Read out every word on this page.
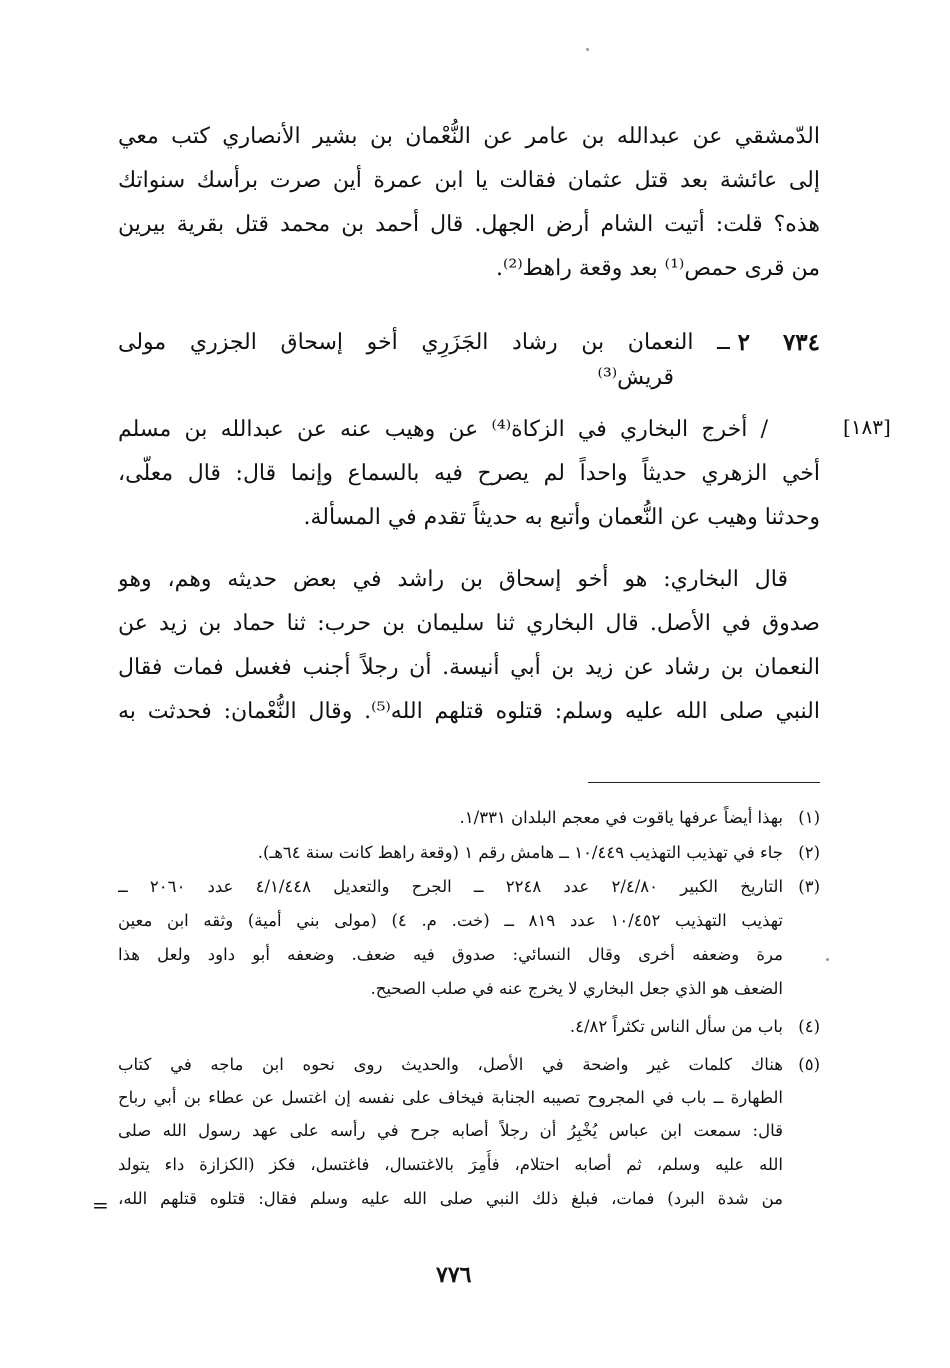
الدّمشقي عن عبدالله بن عامر عن النُّعْمان بن بشير الأنصاري كتب معي
إلى عائشة بعد قتل عثمان فقالت يا ابن عمرة أين صرت برأسك سنواتك
هذه؟ قلت: أتيت الشام أرض الجهل. قال أحمد بن محمد قتل بقرية بيرين
من قرى حمص⁽¹⁾ بعد وقعة راهط⁽²⁾.
٧٣٤
٢
ــ النعمان بن رشاد الجَزَرِي أخو إسحاق الجزري مولى
قريش⁽³⁾
[١٨٣]
/ أخرج البخاري في الزكاة⁽⁴⁾ عن وهيب عنه عن عبدالله بن مسلم
أخي الزهري حديثاً واحداً لم يصرح فيه بالسماع وإنما قال: قال معلّى،
وحدثنا وهيب عن النُّعمان وأتبع به حديثاً تقدم في المسألة.
قال البخاري: هو أخو إسحاق بن راشد في بعض حديثه وهم، وهو
صدوق في الأصل. قال البخاري ثنا سليمان بن حرب: ثنا حماد بن زيد عن
النعمان بن رشاد عن زيد بن أبي أنيسة. أن رجلاً أجنب فغسل فمات فقال
النبي صلى الله عليه وسلم: قتلوه قتلهم الله⁽⁵⁾. وقال النُّعْمان: فحدثت به
(١)
بهذا أيضاً عرفها ياقوت في معجم البلدان ١/٣٣١.
(٢)
جاء في تهذيب التهذيب ١٠/٤٤٩ ــ هامش رقم ١ (وقعة راهط كانت سنة ٦٤هـ).
(٣)
التاريخ الكبير ٢/٤/٨٠ عدد ٢٢٤٨ ــ الجرح والتعديل ٤/١/٤٤٨ عدد ٢٠٦٠ ــ
تهذيب التهذيب ١٠/٤٥٢ عدد ٨١٩ ــ (خت. م. ٤) (مولى بني أمية) وثقه ابن معين
مرة وضعفه أخرى وقال النسائي: صدوق فيه ضعف. وضعفه أبو داود ولعل هذا
الضعف هو الذي جعل البخاري لا يخرج عنه في صلب الصحيح.
(٤)
باب من سأل الناس تكثراً ٤/٨٢.
(٥)
هناك كلمات غير واضحة في الأصل، والحديث روى نحوه ابن ماجه في كتاب
الطهارة ــ باب في المجروح تصيبه الجنابة فيخاف على نفسه إن اغتسل عن عطاء بن أبي رباح
قال: سمعت ابن عباس يُخْبِرُ أن رجلاً أصابه جرح في رأسه على عهد رسول الله صلى
الله عليه وسلم، ثم أصابه احتلام، فأُمِرَ بالاغتسال، فاغتسل، فكز (الكزازة داء يتولد
من شدة البرد) فمات، فبلغ ذلك النبي صلى الله عليه وسلم فقال: قتلوه قتلهم الله،
=
٧٧٦
